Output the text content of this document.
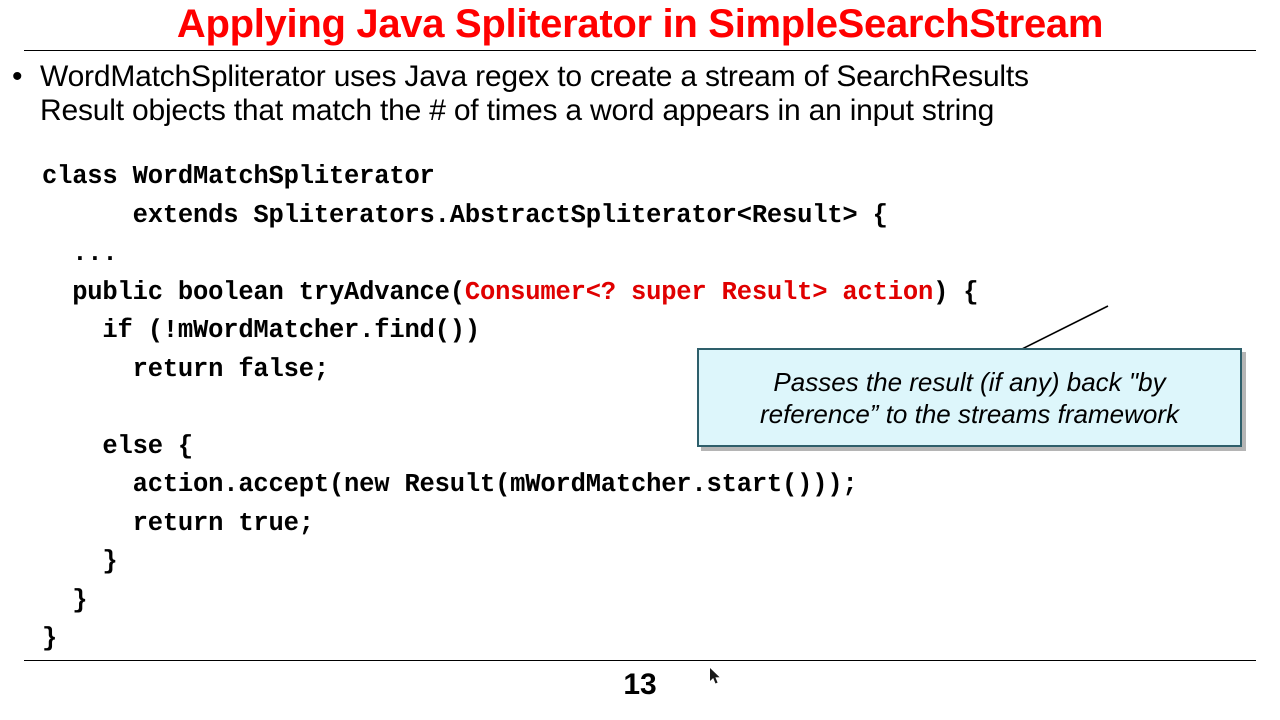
Applying Java Spliterator in SimpleSearchStream
• WordMatchSpliterator uses Java regex to create a stream of SearchResults
Result objects that match the # of times a word appears in an input string
class WordMatchSpliterator
extends Spliterators.AbstractSpliterator<Result> {
...
public boolean tryAdvance(Consumer<? super Result> action) {
if (!mWordMatcher.find())
return false;

else {
action.accept(new Result(mWordMatcher.start()));
return true;
}
}
}
Passes the result (if any) back "by
reference” to the streams framework
13
